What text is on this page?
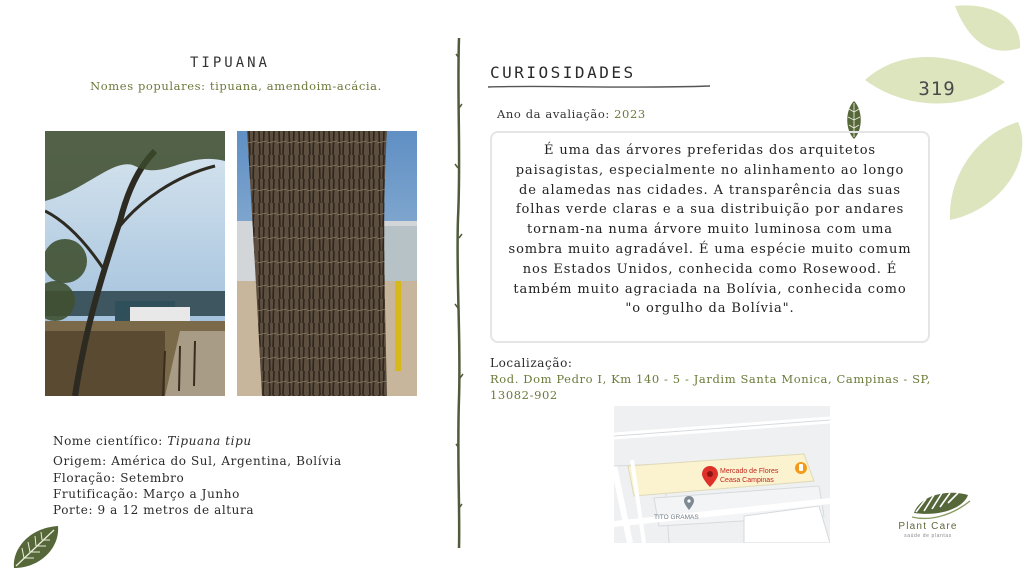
319
TIPUANA
Nomes populares: tipuana, amendoim-acácia.
Nome científico: Tipuana tipu
Origem: América do Sul, Argentina, Bolívia
Floração: Setembro
Frutificação: Março a Junho
Porte: 9 a 12 metros de altura
CURIOSIDADES
Ano da avaliação: 2023

É uma das árvores preferidas dos arquitetos paisagistas, especialmente no alinhamento ao longo de alamedas nas cidades. A transparência das suas folhas verde claras e a sua distribuição por andares tornam-na numa árvore muito luminosa com uma sombra muito agradável. É uma espécie muito comum nos Estados Unidos, conhecida como Rosewood. É também muito agraciada na Bolívia, conhecida como "o orgulho da Bolívia".

Localização:
Rod. Dom Pedro I, Km 140 - 5 - Jardim Santa Monica, Campinas - SP, 13082-902
Mercado de Flores
Ceasa Campinas
TITO GRAMAS
Plant Care
saúde de plantas
